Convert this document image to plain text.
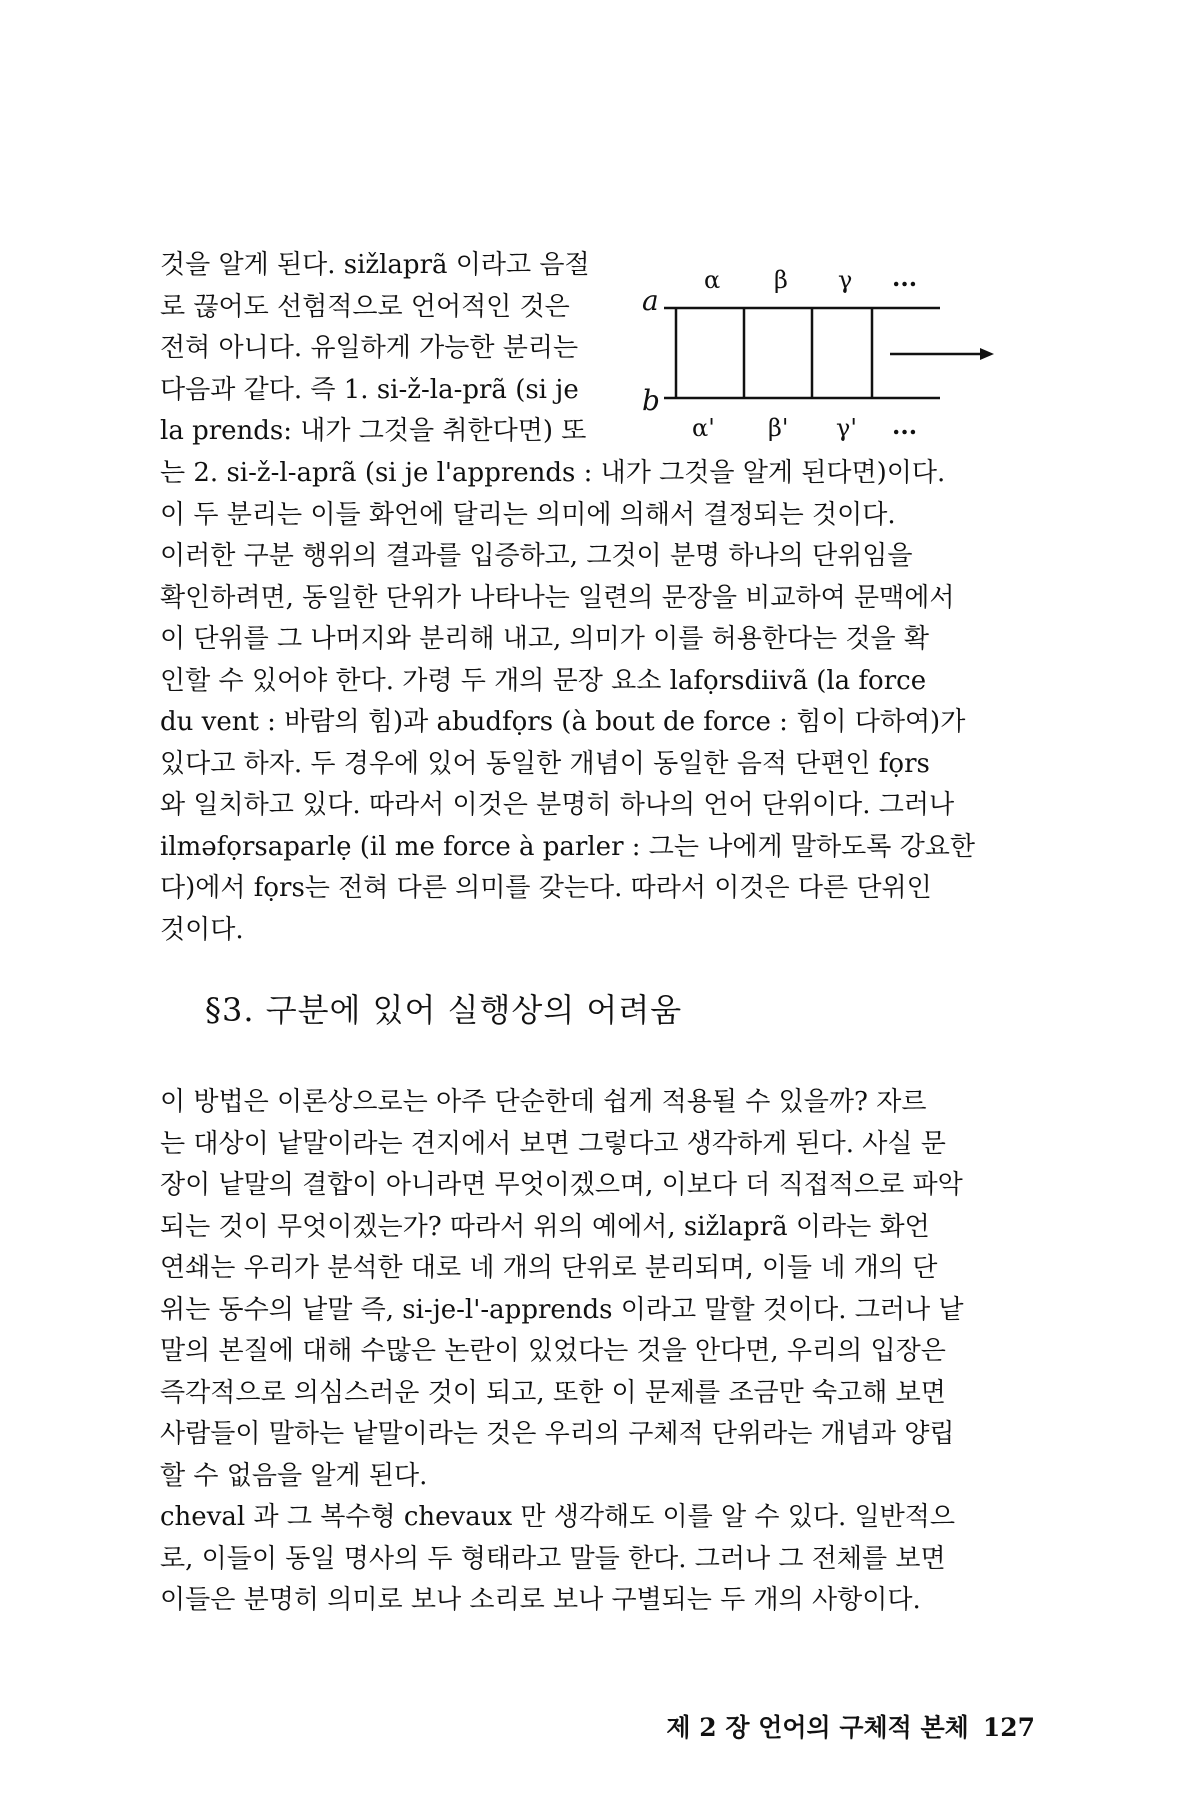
것을 알게 된다. sižlaprã 이라고 음절
로 끊어도 선험적으로 언어적인 것은
전혀 아니다. 유일하게 가능한 분리는
다음과 같다. 즉 1. si-ž-la-prã (si je
la prends: 내가 그것을 취한다면) 또
a
b
α β γ ...
α' β' γ' ...
는 2. si-ž-l-aprã (si je l'apprends : 내가 그것을 알게 된다면)이다.
이 두 분리는 이들 화언에 달리는 의미에 의해서 결정되는 것이다.
이러한 구분 행위의 결과를 입증하고, 그것이 분명 하나의 단위임을
확인하려면, 동일한 단위가 나타나는 일련의 문장을 비교하여 문맥에서
이 단위를 그 나머지와 분리해 내고, 의미가 이를 허용한다는 것을 확
인할 수 있어야 한다. 가령 두 개의 문장 요소 lafọrsdiivã (la force
du vent : 바람의 힘)과 abudfọrs (à bout de force : 힘이 다하여)가
있다고 하자. 두 경우에 있어 동일한 개념이 동일한 음적 단편인 fọrs
와 일치하고 있다. 따라서 이것은 분명히 하나의 언어 단위이다. 그러나
ilməfọrsaparlẹ (il me force à parler : 그는 나에게 말하도록 강요한
다)에서 fọrs는 전혀 다른 의미를 갖는다. 따라서 이것은 다른 단위인
것이다.
§3. 구분에 있어 실행상의 어려움
이 방법은 이론상으로는 아주 단순한데 쉽게 적용될 수 있을까? 자르
는 대상이 낱말이라는 견지에서 보면 그렇다고 생각하게 된다. 사실 문
장이 낱말의 결합이 아니라면 무엇이겠으며, 이보다 더 직접적으로 파악
되는 것이 무엇이겠는가? 따라서 위의 예에서, sižlaprã 이라는 화언
연쇄는 우리가 분석한 대로 네 개의 단위로 분리되며, 이들 네 개의 단
위는 동수의 낱말 즉, si-je-l'-apprends 이라고 말할 것이다. 그러나 낱
말의 본질에 대해 수많은 논란이 있었다는 것을 안다면, 우리의 입장은
즉각적으로 의심스러운 것이 되고, 또한 이 문제를 조금만 숙고해 보면
사람들이 말하는 낱말이라는 것은 우리의 구체적 단위라는 개념과 양립
할 수 없음을 알게 된다.
cheval 과 그 복수형 chevaux 만 생각해도 이를 알 수 있다. 일반적으
로, 이들이 동일 명사의 두 형태라고 말들 한다. 그러나 그 전체를 보면
이들은 분명히 의미로 보나 소리로 보나 구별되는 두 개의 사항이다.
제 2 장 언어의 구체적 본체 127
